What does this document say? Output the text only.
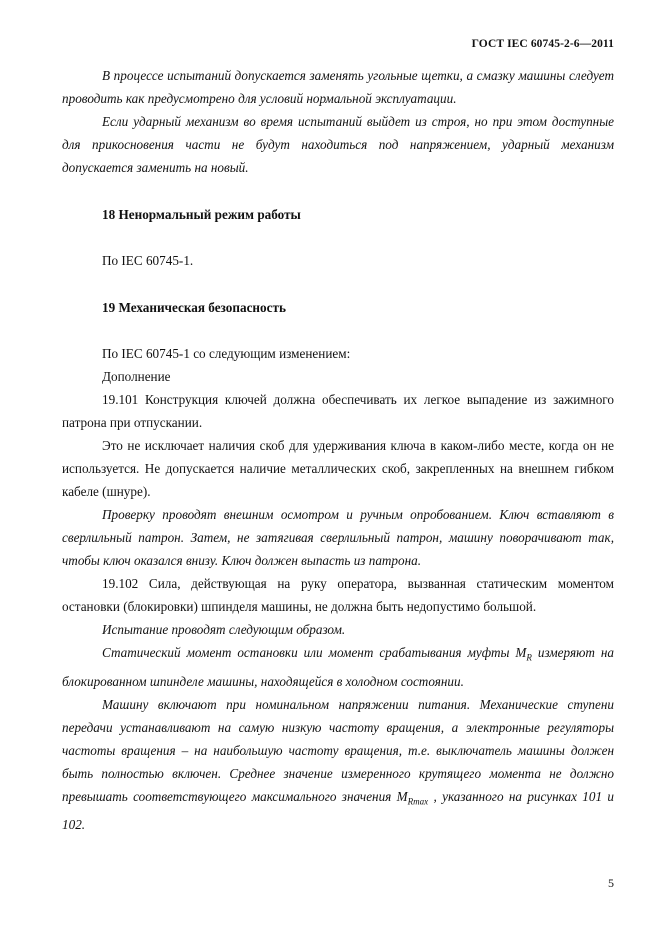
ГОСТ IEC 60745-2-6—2011

В процессе испытаний допускается заменять угольные щетки, а смазку машины следует проводить как предусмотрено для условий нормальной эксплуатации.

Если ударный механизм во время испытаний выйдет из строя, но при этом доступные для прикосновения части не будут находиться под напряжением, ударный механизм допускается заменить на новый.

18 Ненормальный режим работы

По IEC 60745-1.

19 Механическая безопасность

По IEC 60745-1 со следующим изменением:

Дополнение

19.101 Конструкция ключей должна обеспечивать их легкое выпадение из зажимного патрона при отпускании.

Это не исключает наличия скоб для удерживания ключа в каком-либо месте, когда он не используется. Не допускается наличие металлических скоб, закрепленных на внешнем гибком кабеле (шнуре).

Проверку проводят внешним осмотром и ручным опробованием. Ключ вставляют в сверлильный патрон. Затем, не затягивая сверлильный патрон, машину поворачивают так, чтобы ключ оказался внизу. Ключ должен выпасть из патрона.

19.102 Сила, действующая на руку оператора, вызванная статическим моментом остановки (блокировки) шпинделя машины, не должна быть недопустимо большой.

Испытание проводят следующим образом.

Статический момент остановки или момент срабатывания муфты $M_R$ измеряют на блокированном шпинделе машины, находящейся в холодном состоянии.

Машину включают при номинальном напряжении питания. Механические ступени передачи устанавливают на самую низкую частоту вращения, а электронные регуляторы частоты вращения – на наибольшую частоту вращения, т.е. выключатель машины должен быть полностью включен. Среднее значение измеренного крутящего момента не должно превышать соответствующего максимального значения $M_{Rmax}$ , указанного на рисунках 101 и 102.

5
